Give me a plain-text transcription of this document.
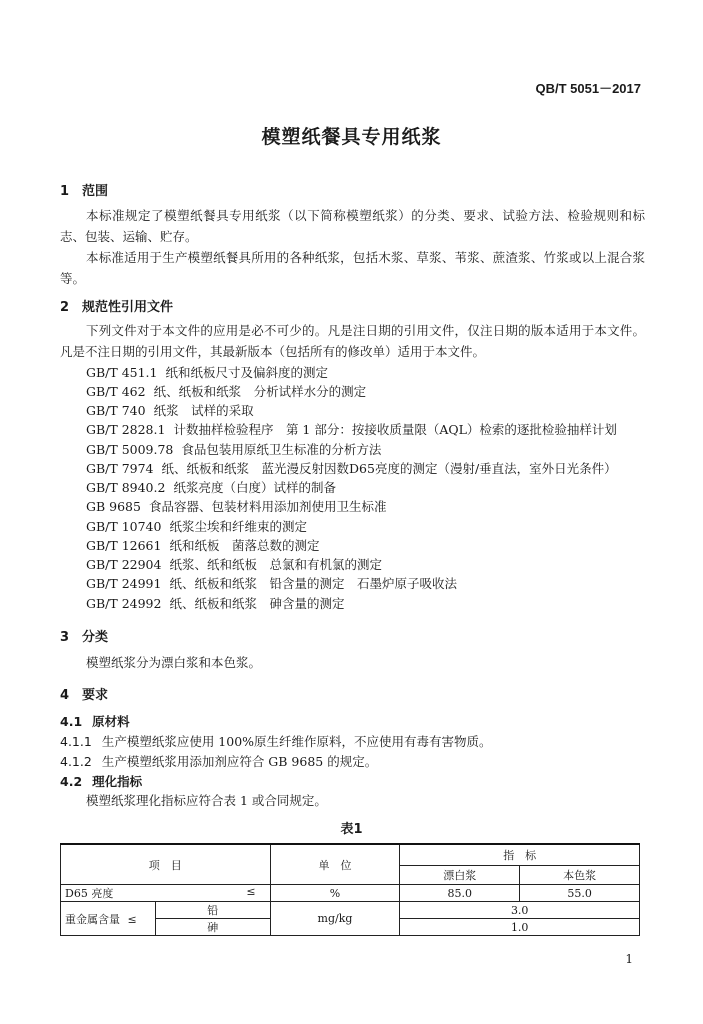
QB/T 5051－2017
模塑纸餐具专用纸浆
1 范围
本标准规定了模塑纸餐具专用纸浆（以下简称模塑纸浆）的分类、要求、试验方法、检验规则和标志、包装、运输、贮存。
本标准适用于生产模塑纸餐具所用的各种纸浆，包括木浆、草浆、苇浆、蔗渣浆、竹浆或以上混合浆等。
2 规范性引用文件
下列文件对于本文件的应用是必不可少的。凡是注日期的引用文件，仅注日期的版本适用于本文件。凡是不注日期的引用文件，其最新版本（包括所有的修改单）适用于本文件。
GB/T 451.1 纸和纸板尺寸及偏斜度的测定
GB/T 462 纸、纸板和纸浆　分析试样水分的测定
GB/T 740 纸浆　试样的采取
GB/T 2828.1 计数抽样检验程序　第 1 部分：按接收质量限（AQL）检索的逐批检验抽样计划
GB/T 5009.78 食品包装用原纸卫生标准的分析方法
GB/T 7974 纸、纸板和纸浆　蓝光漫反射因数D65亮度的测定（漫射/垂直法，室外日光条件）
GB/T 8940.2 纸浆亮度（白度）试样的制备
GB 9685 食品容器、包装材料用添加剂使用卫生标准
GB/T 10740 纸浆尘埃和纤维束的测定
GB/T 12661 纸和纸板　菌落总数的测定
GB/T 22904 纸浆、纸和纸板　总氯和有机氯的测定
GB/T 24991 纸、纸板和纸浆　铅含量的测定　石墨炉原子吸收法
GB/T 24992 纸、纸板和纸浆　砷含量的测定
3 分类
模塑纸浆分为漂白浆和本色浆。
4 要求
4.1 原材料
4.1.1 生产模塑纸浆应使用 100%原生纤维作原料，不应使用有毒有害物质。
4.1.2 生产模塑纸浆用添加剂应符合 GB 9685 的规定。
4.2 理化指标
模塑纸浆理化指标应符合表 1 或合同规定。
表1
项　目		单　位	指　标	
			漂白浆	本色浆
D65 亮度 ≤		%	85.0	55.0
重金属含量 ≤	铅	mg/kg	3.0	
	砷		1.0	
1
